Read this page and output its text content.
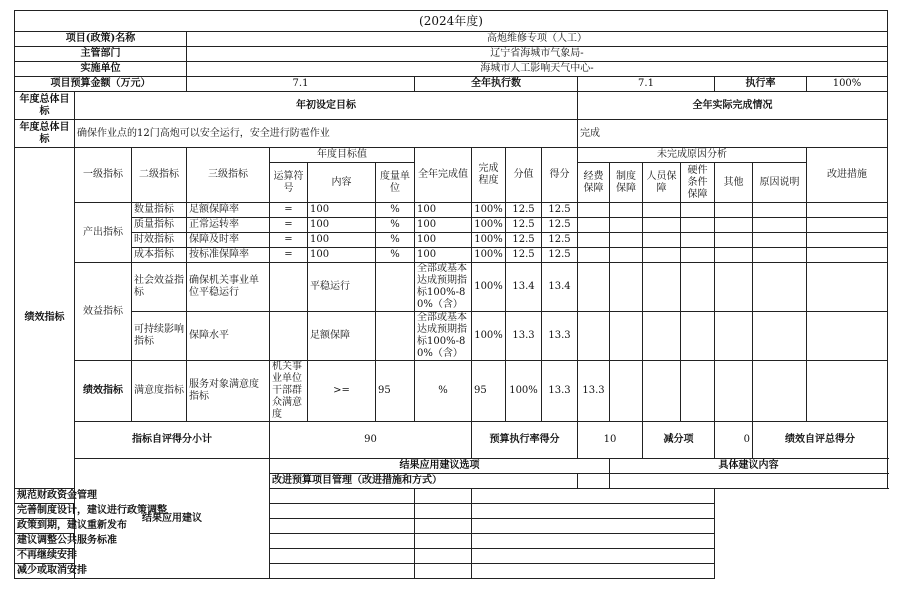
(2024年度)																		
项目(政策)名称			高炮维修专项（人工）															
主管部门			辽宁省海城市气象局-															
实施单位			海城市人工影响天气中心-															
项目预算金额（万元）			7.1				全年执行数				7.1				执行率		100%	
年度总体目标	年初设定目标										全年实际完成情况							
年度总体目标	确保作业点的12门高炮可以安全运行，安全进行防雹作业										完成							
绩效指标	一级指标	二级指标	三级指标	年度目标值			全年完成值	完成程度	分值	得分	未完成原因分析						改进措施	
				运算符号	内容	度量单位					经费保障	制度保障	人员保障	硬件条件保障	其他	原因说明		
	产出指标	数量指标	足额保障率	=	100	%	100	100%	12.5	12.5								
		质量指标	正常运转率	=	100	%	100	100%	12.5	12.5								
		时效指标	保障及时率	=	100	%	100	100%	12.5	12.5								
		成本指标	按标准保障率	=	100	%	100	100%	12.5	12.5								
	效益指标	社会效益指标	确保机关事业单位平稳运行		平稳运行		全部或基本达成预期指标100%-80%（含）	100%	13.4	13.4								
		可持续影响指标	保障水平		足额保障		全部或基本达成预期指标100%-80%（含）	100%	13.3	13.3								
	绩效指标	满意度指标	服务对象满意度指标	机关事业单位干部群众满意度	>=	95	%	95	100%	13.3	13.3							
	指标自评得分小计			90				预算执行率得分			10		减分项		0	绩效自评总得分	
	结果应用建议			结果应用建议选项								具体建议内容						
				改进预算项目管理（改进措施和方式）														
规范财政资金管理																		
完善制度设计，建议进行政策调整																		
政策到期，建议重新发布																		
建议调整公共服务标准																		
不再继续安排																		
减少或取消安排																		
